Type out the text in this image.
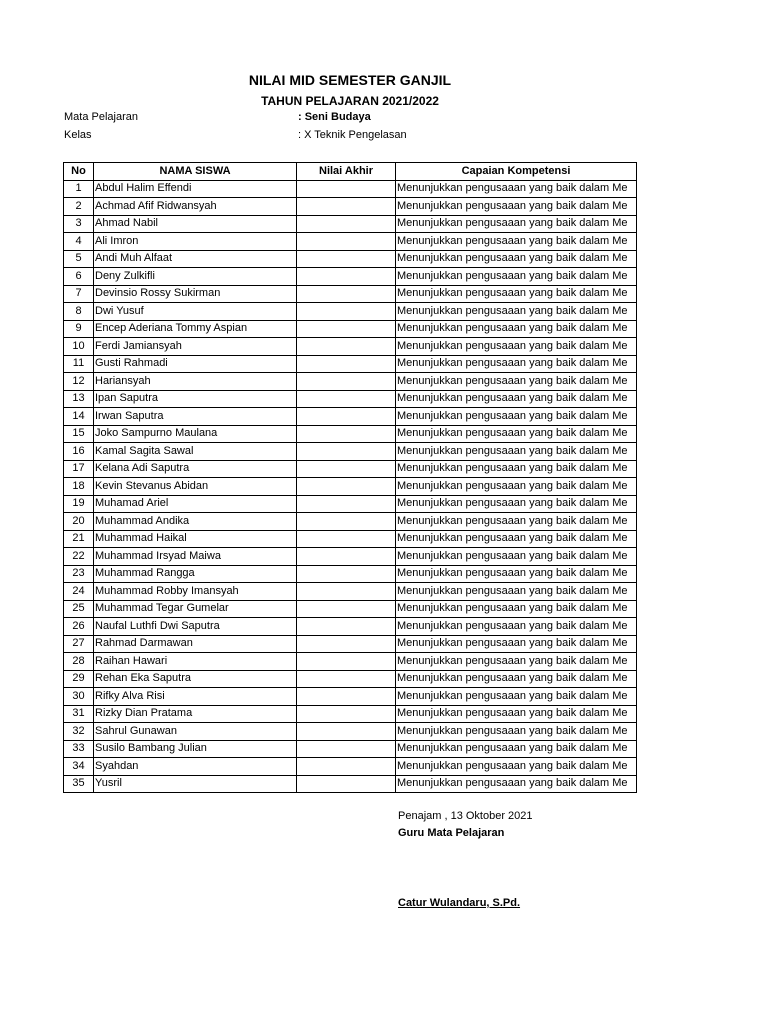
NILAI MID SEMESTER GANJIL
TAHUN PELAJARAN 2021/2022
Mata Pelajaran	: Seni Budaya
Kelas	: X Teknik Pengelasan
No	NAMA SISWA	Nilai Akhir	Capaian Kompetensi
1	Abdul Halim Effendi		Menunjukkan pengusaaan yang baik dalam Me
2	Achmad Afif Ridwansyah		Menunjukkan pengusaaan yang baik dalam Me
3	Ahmad Nabil		Menunjukkan pengusaaan yang baik dalam Me
4	Ali Imron		Menunjukkan pengusaaan yang baik dalam Me
5	Andi Muh Alfaat		Menunjukkan pengusaaan yang baik dalam Me
6	Deny Zulkifli		Menunjukkan pengusaaan yang baik dalam Me
7	Devinsio Rossy Sukirman		Menunjukkan pengusaaan yang baik dalam Me
8	Dwi Yusuf		Menunjukkan pengusaaan yang baik dalam Me
9	Encep Aderiana Tommy Aspian		Menunjukkan pengusaaan yang baik dalam Me
10	Ferdi Jamiansyah		Menunjukkan pengusaaan yang baik dalam Me
11	Gusti Rahmadi		Menunjukkan pengusaaan yang baik dalam Me
12	Hariansyah		Menunjukkan pengusaaan yang baik dalam Me
13	Ipan Saputra		Menunjukkan pengusaaan yang baik dalam Me
14	Irwan Saputra		Menunjukkan pengusaaan yang baik dalam Me
15	Joko Sampurno Maulana		Menunjukkan pengusaaan yang baik dalam Me
16	Kamal Sagita Sawal		Menunjukkan pengusaaan yang baik dalam Me
17	Kelana Adi Saputra		Menunjukkan pengusaaan yang baik dalam Me
18	Kevin Stevanus Abidan		Menunjukkan pengusaaan yang baik dalam Me
19	Muhamad Ariel		Menunjukkan pengusaaan yang baik dalam Me
20	Muhammad Andika		Menunjukkan pengusaaan yang baik dalam Me
21	Muhammad Haikal		Menunjukkan pengusaaan yang baik dalam Me
22	Muhammad Irsyad Maiwa		Menunjukkan pengusaaan yang baik dalam Me
23	Muhammad Rangga		Menunjukkan pengusaaan yang baik dalam Me
24	Muhammad Robby Imansyah		Menunjukkan pengusaaan yang baik dalam Me
25	Muhammad Tegar Gumelar		Menunjukkan pengusaaan yang baik dalam Me
26	Naufal Luthfi Dwi Saputra		Menunjukkan pengusaaan yang baik dalam Me
27	Rahmad Darmawan		Menunjukkan pengusaaan yang baik dalam Me
28	Raihan Hawari		Menunjukkan pengusaaan yang baik dalam Me
29	Rehan Eka Saputra		Menunjukkan pengusaaan yang baik dalam Me
30	Rifky Alva Risi		Menunjukkan pengusaaan yang baik dalam Me
31	Rizky Dian Pratama		Menunjukkan pengusaaan yang baik dalam Me
32	Sahrul Gunawan		Menunjukkan pengusaaan yang baik dalam Me
33	Susilo Bambang Julian		Menunjukkan pengusaaan yang baik dalam Me
34	Syahdan		Menunjukkan pengusaaan yang baik dalam Me
35	Yusril		Menunjukkan pengusaaan yang baik dalam Me
Penajam , 13 Oktober 2021
Guru Mata Pelajaran
Catur Wulandaru, S.Pd.
